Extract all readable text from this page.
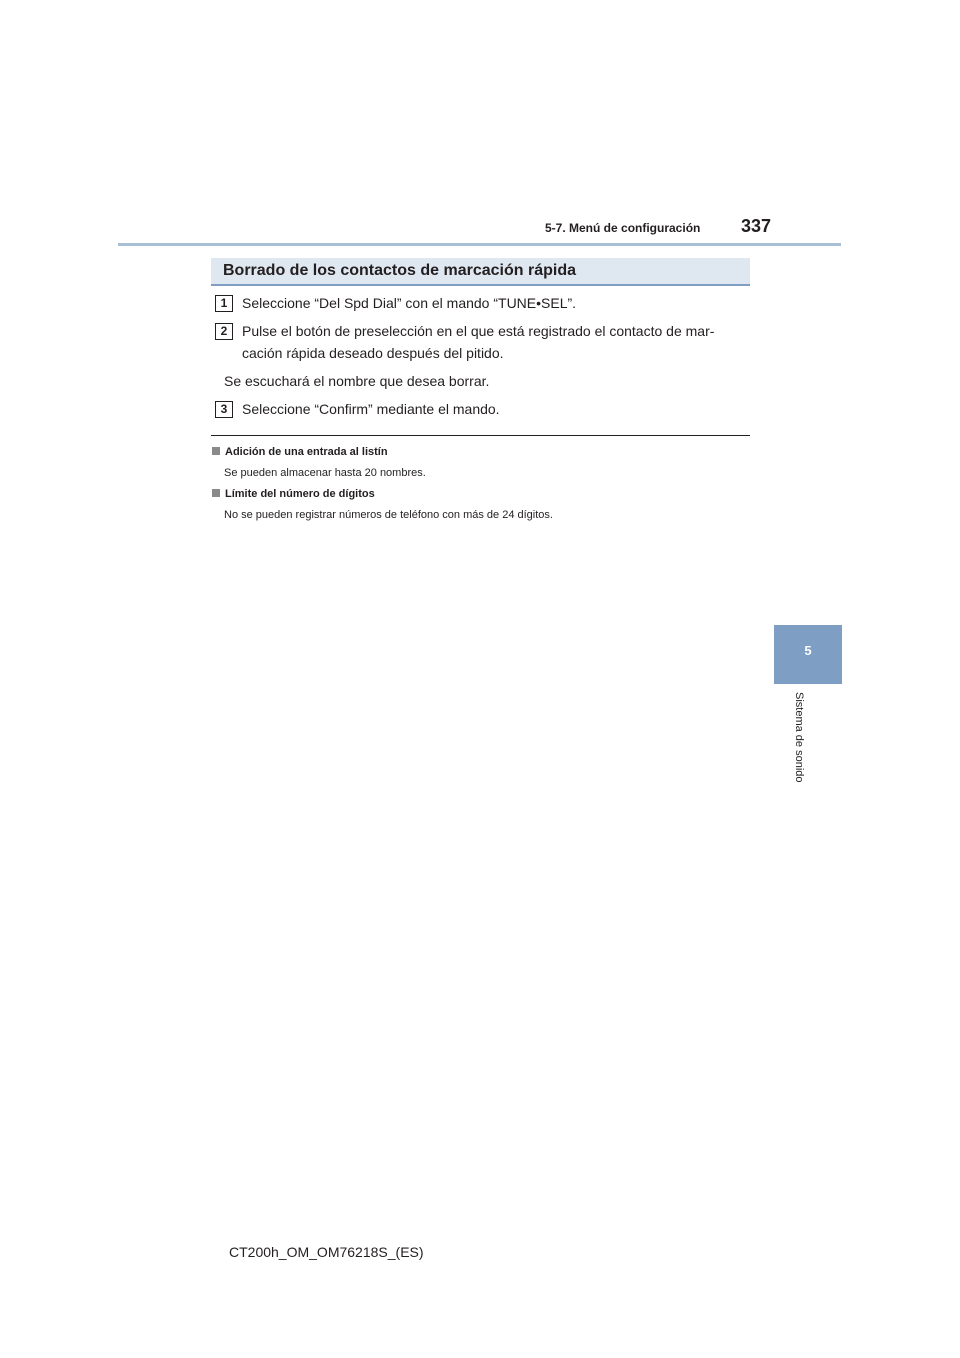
5-7. Menú de configuración 337
5
Sistema de sonido
Borrado de los contactos de marcación rápida
1	Seleccione “Del Spd Dial” con el mando “TUNE•SEL”.
2	Pulse el botón de preselección en el que está registrado el contacto de mar-
cación rápida deseado después del pitido.
Se escuchará el nombre que desea borrar.
3	Seleccione “Confirm” mediante el mando.
Adición de una entrada al listín
Se pueden almacenar hasta 20 nombres.
Límite del número de dígitos
No se pueden registrar números de teléfono con más de 24 dígitos.
CT200h_OM_OM76218S_(ES)
